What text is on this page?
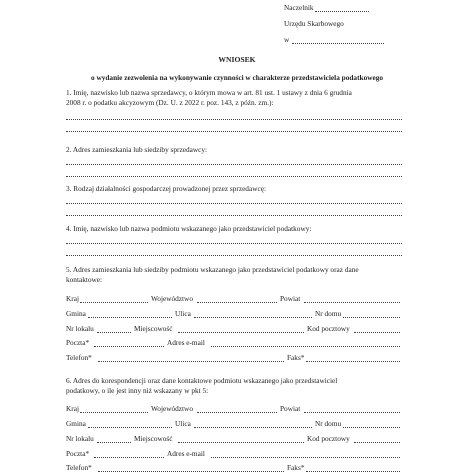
Naczelnik
Urzędu Skarbowego
w
WNIOSEK
o wydanie zezwolenia na wykonywanie czynności w charakterze przedstawiciela podatkowego
1. Imię, nazwisko lub nazwa sprzedawcy, o którym mowa w art. 81 ust. 1 ustawy z dnia 6 grudnia
2008 r. o podatku akcyzowym (Dz. U. z 2022 r. poz. 143, z późn. zm.):
2. Adres zamieszkania lub siedziby sprzedawcy:
3. Rodzaj działalności gospodarczej prowadzonej przez sprzedawcę:
4. Imię, nazwisko lub nazwa podmiotu wskazanego jako przedstawiciel podatkowy:
5. Adres zamieszkania lub siedziby podmiotu wskazanego jako przedstawiciel podatkowy oraz dane
kontaktowe:
Kraj	Województwo	Powiat
Gmina	Ulica	Nr domu
Nr lokalu	Miejscowość	Kod pocztowy
Poczta*	Adres e-mail
Telefon*	Faks*
6. Adres do korespondencji oraz dane kontaktowe podmiotu wskazanego jako przedstawiciel
podatkowy, o ile jest inny niż wskazany w pkt 5:
Kraj	Województwo	Powiat
Gmina	Ulica	Nr domu
Nr lokalu	Miejscowość	Kod pocztowy
Poczta*	Adres e-mail
Telefon*	Faks*
